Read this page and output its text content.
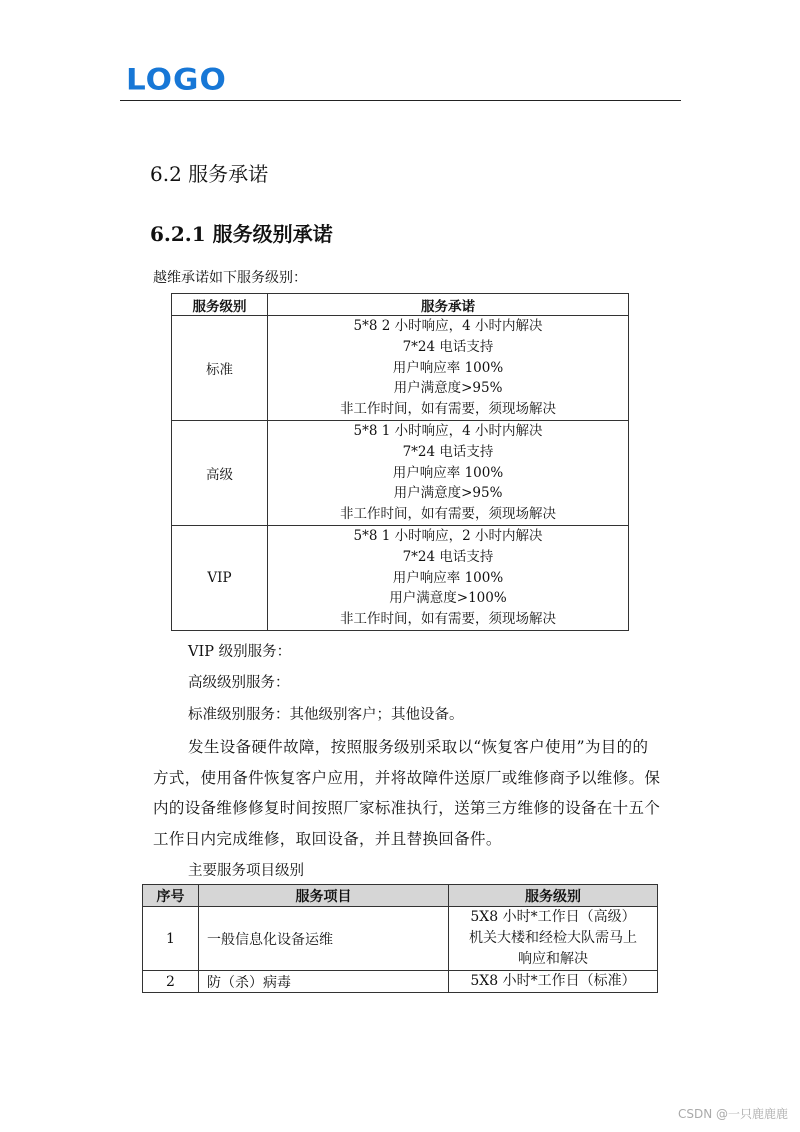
LOGO
6.2 服务承诺
6.2.1 服务级别承诺
越维承诺如下服务级别：
服务级别	服务承诺
标准	5*8 2 小时响应，4 小时内解决
7*24 电话支持
用户响应率 100%
用户满意度>95%
非工作时间，如有需要，须现场解决

高级	5*8 1 小时响应，4 小时内解决
7*24 电话支持
用户响应率 100%
用户满意度>95%
非工作时间，如有需要，须现场解决

VIP	5*8 1 小时响应，2 小时内解决
7*24 电话支持
用户响应率 100%
用户满意度>100%
非工作时间，如有需要，须现场解决
VIP 级别服务：
高级级别服务：
标准级别服务：其他级别客户；其他设备。
发生设备硬件故障，按照服务级别采取以“恢复客户使用”为目的的
方式，使用备件恢复客户应用，并将故障件送原厂或维修商予以维修。保
内的设备维修修复时间按照厂家标准执行，送第三方维修的设备在十五个
工作日内完成维修，取回设备，并且替换回备件。
主要服务项目级别
序号	服务项目	服务级别
1	一般信息化设备运维	5X8 小时*工作日（高级）
机关大楼和经检大队需马上
响应和解决

2	防（杀）病毒	5X8 小时*工作日（标准）
CSDN @一只鹿鹿鹿
